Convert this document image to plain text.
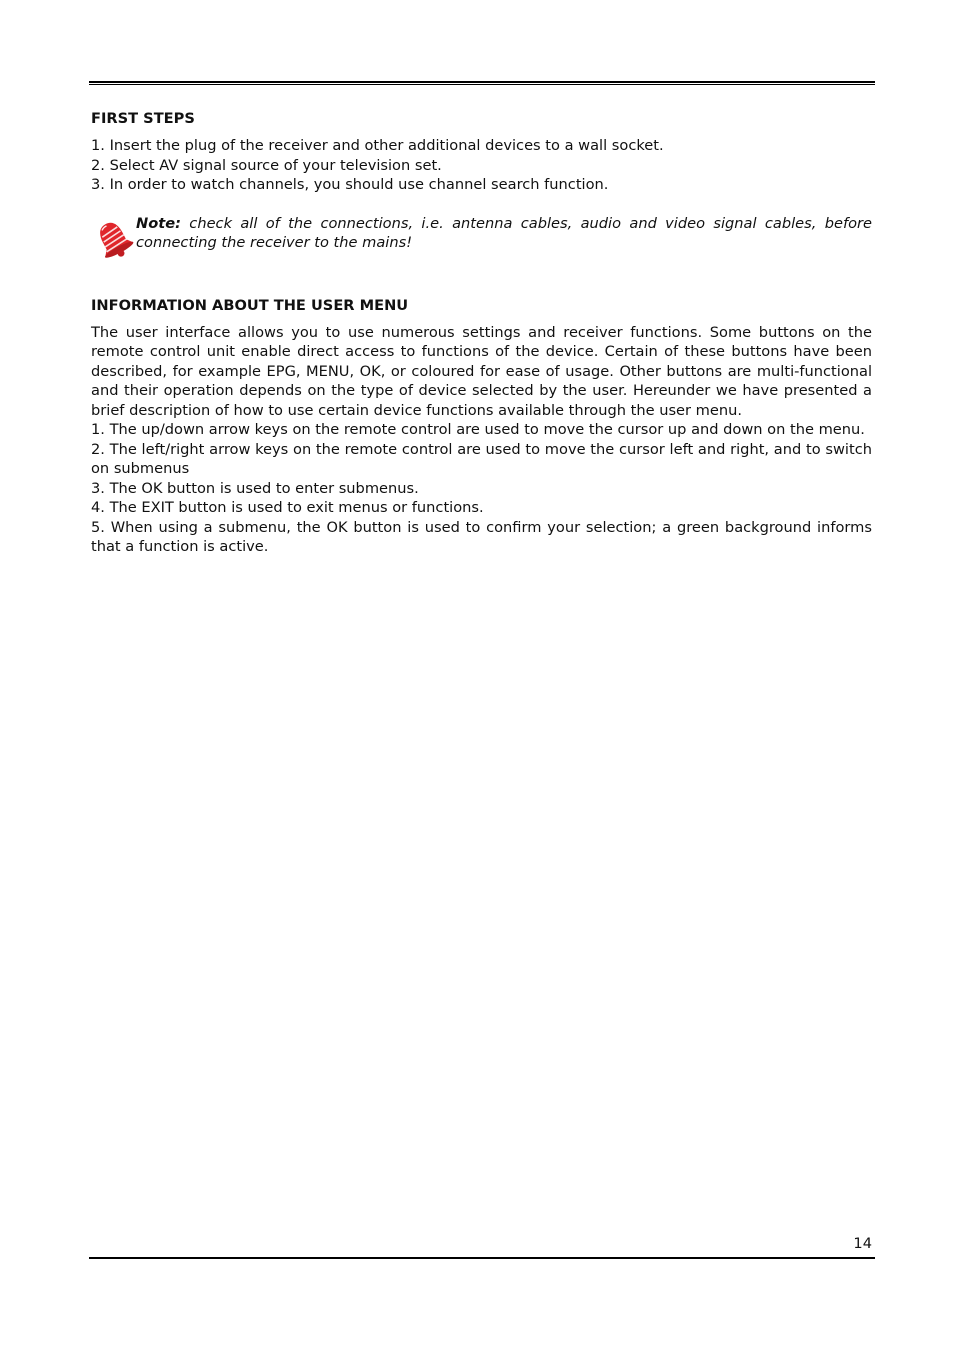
FIRST STEPS
1. Insert the plug of the receiver and other additional devices to a wall socket.
2. Select AV signal source of your television set.
3. In order to watch channels, you should use channel search function.
Note: check all of the connections, i.e. antenna cables, audio and video signal cables, before connecting the receiver to the mains!
INFORMATION ABOUT THE USER MENU

The user interface allows you to use numerous settings and receiver functions. Some buttons on the remote control unit enable direct access to functions of the device. Certain of these buttons have been described, for example EPG, MENU, OK, or coloured for ease of usage. Other buttons are multi-functional and their operation depends on the type of device selected by the user. Hereunder we have presented a brief description of how to use certain device functions available through the user menu.

1. The up/down arrow keys on the remote control are used to move the cursor up and down on the menu.

2. The left/right arrow keys on the remote control are used to move the cursor left and right, and to switch on submenus

3. The OK button is used to enter submenus.

4. The EXIT button is used to exit menus or functions.

5. When using a submenu, the OK button is used to confirm your selection; a green background informs that a function is active.

14
